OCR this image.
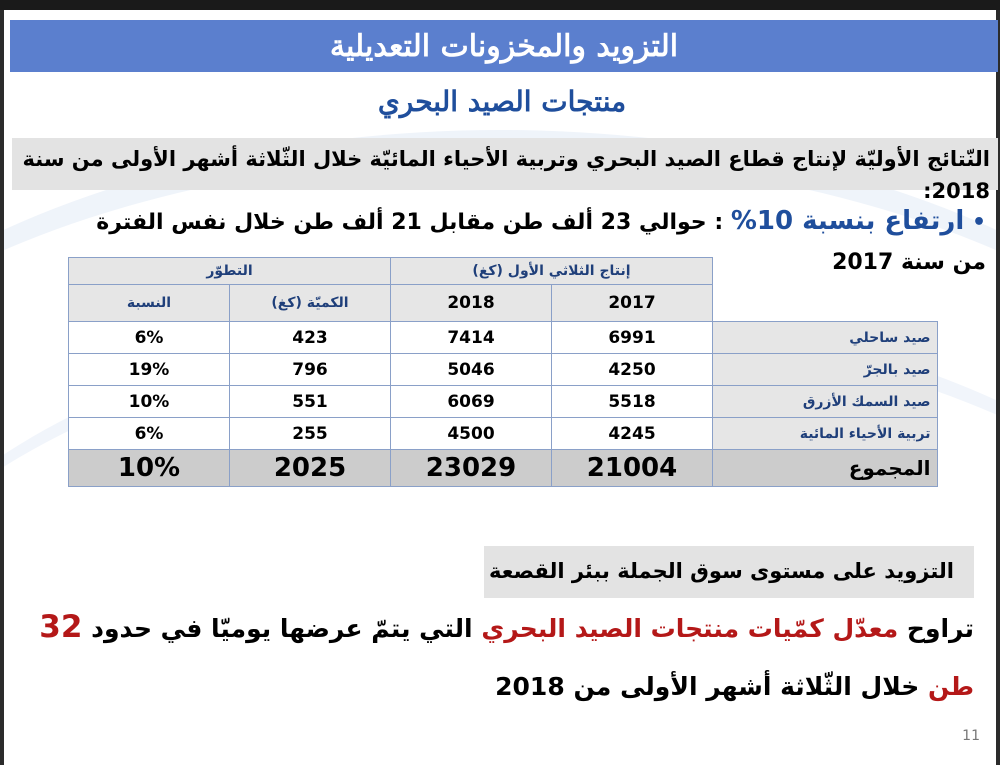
التزويد والمخزونات التعديلية
منتجات الصيد البحري
النّتائج الأوليّة لإنتاج قطاع الصيد البحري وتربية الأحياء المائيّة خلال الثّلاثة أشهر الأولى من سنة 2018:
• ارتفاع بنسبة 10% : حوالي 23 ألف طن مقابل 21 ألف طن خلال نفس الفترة
من سنة 2017
	إنتاج الثلاثي الأول (كغ)		التطوّر	
	2017	2018	الكميّة (كغ)	النسبة
صيد ساحلي	6991	7414	423	6%
صيد بالجرّ	4250	5046	796	19%
صيد السمك الأزرق	5518	6069	551	10%
تربية الأحياء المائية	4245	4500	255	6%
المجموع	21004	23029	2025	10%
التزويد على مستوى سوق الجملة ببئر القصعة
تراوح معدّل كمّيات منتجات الصيد البحري التي يتمّ عرضها يوميّا في حدود 32
طن خلال الثّلاثة أشهر الأولى من 2018
11
